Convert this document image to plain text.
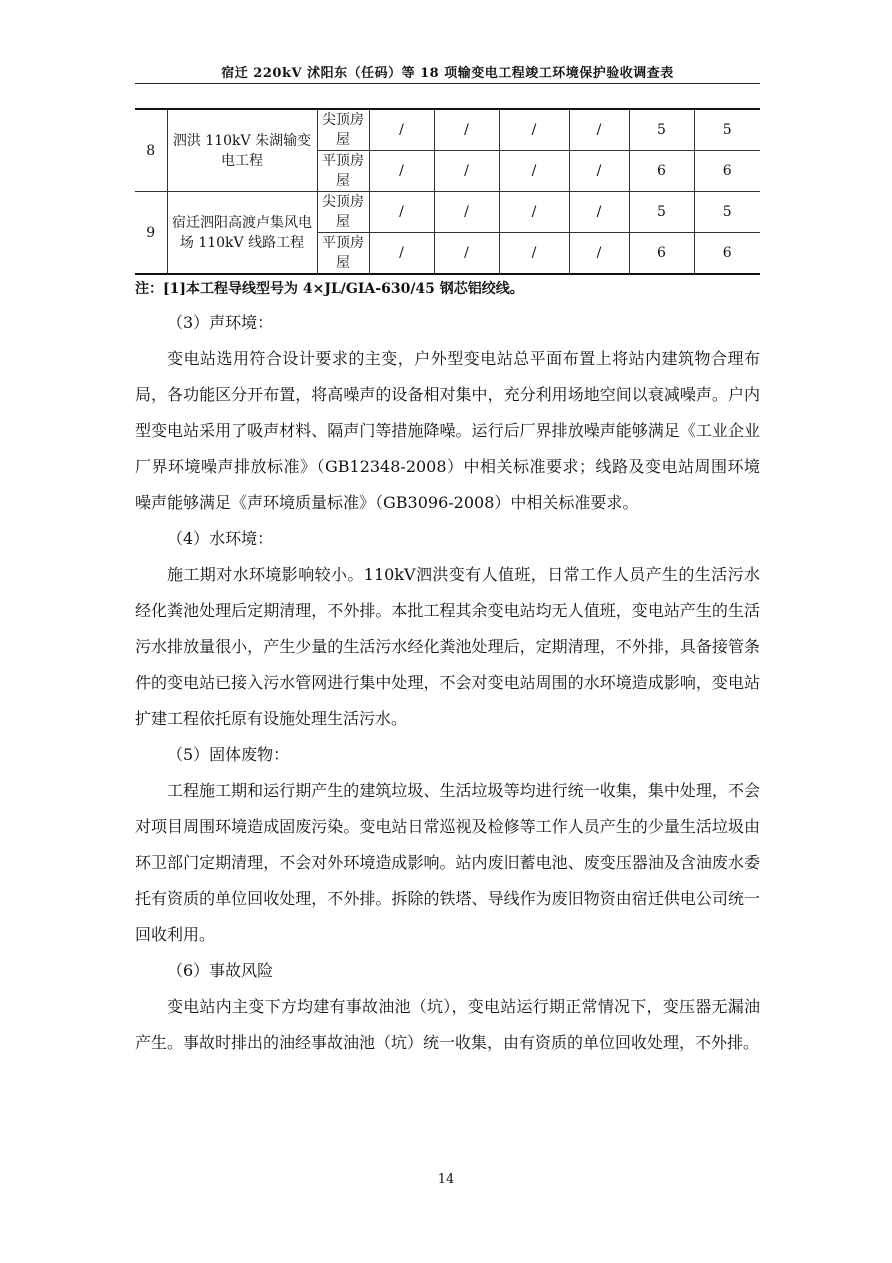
宿迁 220kV 沭阳东（任码）等 18 项输变电工程竣工环境保护验收调查表
8	泗洪 110kV 朱湖输变电工程	尖顶房屋	/	/	/	/	5	5
		平顶房屋	/	/	/	/	6	6
9	宿迁泗阳高渡卢集风电场 110kV 线路工程	尖顶房屋	/	/	/	/	5	5
		平顶房屋	/	/	/	/	6	6
注：[1]本工程导线型号为 4×JL/GIA-630/45 钢芯铝绞线。

（3）声环境：

变电站选用符合设计要求的主变，户外型变电站总平面布置上将站内建筑物合理布局，各功能区分开布置，将高噪声的设备相对集中，充分利用场地空间以衰减噪声。户内型变电站采用了吸声材料、隔声门等措施降噪。运行后厂界排放噪声能够满足《工业企业厂界环境噪声排放标准》（GB12348-2008）中相关标准要求；线路及变电站周围环境噪声能够满足《声环境质量标准》（GB3096-2008）中相关标准要求。

（4）水环境：

施工期对水环境影响较小。110kV泗洪变有人值班，日常工作人员产生的生活污水经化粪池处理后定期清理，不外排。本批工程其余变电站均无人值班，变电站产生的生活污水排放量很小，产生少量的生活污水经化粪池处理后，定期清理，不外排，具备接管条件的变电站已接入污水管网进行集中处理，不会对变电站周围的水环境造成影响，变电站扩建工程依托原有设施处理生活污水。

（5）固体废物：

工程施工期和运行期产生的建筑垃圾、生活垃圾等均进行统一收集，集中处理，不会对项目周围环境造成固废污染。变电站日常巡视及检修等工作人员产生的少量生活垃圾由环卫部门定期清理，不会对外环境造成影响。站内废旧蓄电池、废变压器油及含油废水委托有资质的单位回收处理，不外排。拆除的铁塔、导线作为废旧物资由宿迁供电公司统一回收利用。

（6）事故风险

变电站内主变下方均建有事故油池（坑），变电站运行期正常情况下，变压器无漏油产生。事故时排出的油经事故油池（坑）统一收集，由有资质的单位回收处理，不外排。

14
